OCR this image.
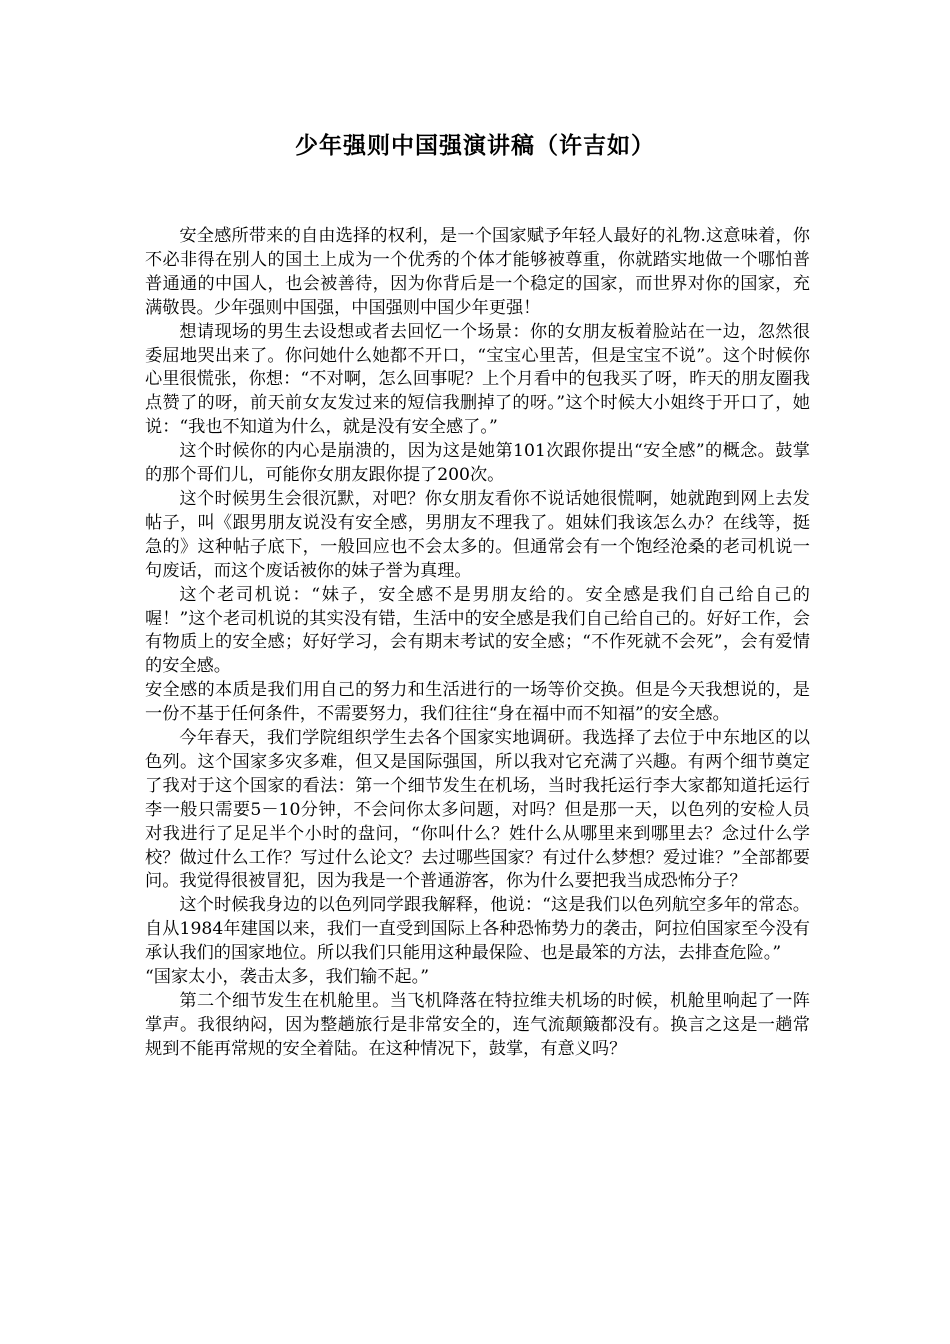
少年强则中国强演讲稿（许吉如）

安全感所带来的自由选择的权利，是一个国家赋予年轻人最好的礼物.这意味着，你不必非得在别人的国土上成为一个优秀的个体才能够被尊重，你就踏实地做一个哪怕普普通通的中国人，也会被善待，因为你背后是一个稳定的国家，而世界对你的国家，充满敬畏。少年强则中国强，中国强则中国少年更强！

想请现场的男生去设想或者去回忆一个场景：你的女朋友板着脸站在一边，忽然很委屈地哭出来了。你问她什么她都不开口，“宝宝心里苦，但是宝宝不说”。这个时候你心里很慌张，你想：“不对啊，怎么回事呢？上个月看中的包我买了呀，昨天的朋友圈我点赞了的呀，前天前女友发过来的短信我删掉了的呀。”这个时候大小姐终于开口了，她说：“我也不知道为什么，就是没有安全感了。”

这个时候你的内心是崩溃的，因为这是她第101次跟你提出“安全感”的概念。鼓掌的那个哥们儿，可能你女朋友跟你提了200次。

这个时候男生会很沉默，对吧？你女朋友看你不说话她很慌啊，她就跑到网上去发帖子，叫《跟男朋友说没有安全感，男朋友不理我了。姐妹们我该怎么办？在线等，挺急的》这种帖子底下，一般回应也不会太多的。但通常会有一个饱经沧桑的老司机说一句废话，而这个废话被你的妹子誉为真理。

这个老司机说：“妹子，安全感不是男朋友给的。安全感是我们自己给自己的喔！”这个老司机说的其实没有错，生活中的安全感是我们自己给自己的。好好工作，会有物质上的安全感；好好学习，会有期末考试的安全感；“不作死就不会死”，会有爱情的安全感。

安全感的本质是我们用自己的努力和生活进行的一场等价交换。但是今天我想说的，是一份不基于任何条件，不需要努力，我们往往“身在福中而不知福”的安全感。

今年春天，我们学院组织学生去各个国家实地调研。我选择了去位于中东地区的以色列。这个国家多灾多难，但又是国际强国，所以我对它充满了兴趣。有两个细节奠定了我对于这个国家的看法：第一个细节发生在机场，当时我托运行李大家都知道托运行李一般只需要5－10分钟，不会问你太多问题，对吗？但是那一天，以色列的安检人员对我进行了足足半个小时的盘问，“你叫什么？姓什么从哪里来到哪里去？念过什么学校？做过什么工作？写过什么论文？去过哪些国家？有过什么梦想？爱过谁？”全部都要问。我觉得很被冒犯，因为我是一个普通游客，你为什么要把我当成恐怖分子？

这个时候我身边的以色列同学跟我解释，他说：“这是我们以色列航空多年的常态。自从1984年建国以来，我们一直受到国际上各种恐怖势力的袭击，阿拉伯国家至今没有承认我们的国家地位。所以我们只能用这种最保险、也是最笨的方法，去排查危险。”

“国家太小，袭击太多，我们输不起。”

第二个细节发生在机舱里。当飞机降落在特拉维夫机场的时候，机舱里响起了一阵掌声。我很纳闷，因为整趟旅行是非常安全的，连气流颠簸都没有。换言之这是一趟常规到不能再常规的安全着陆。在这种情况下，鼓掌，有意义吗？
